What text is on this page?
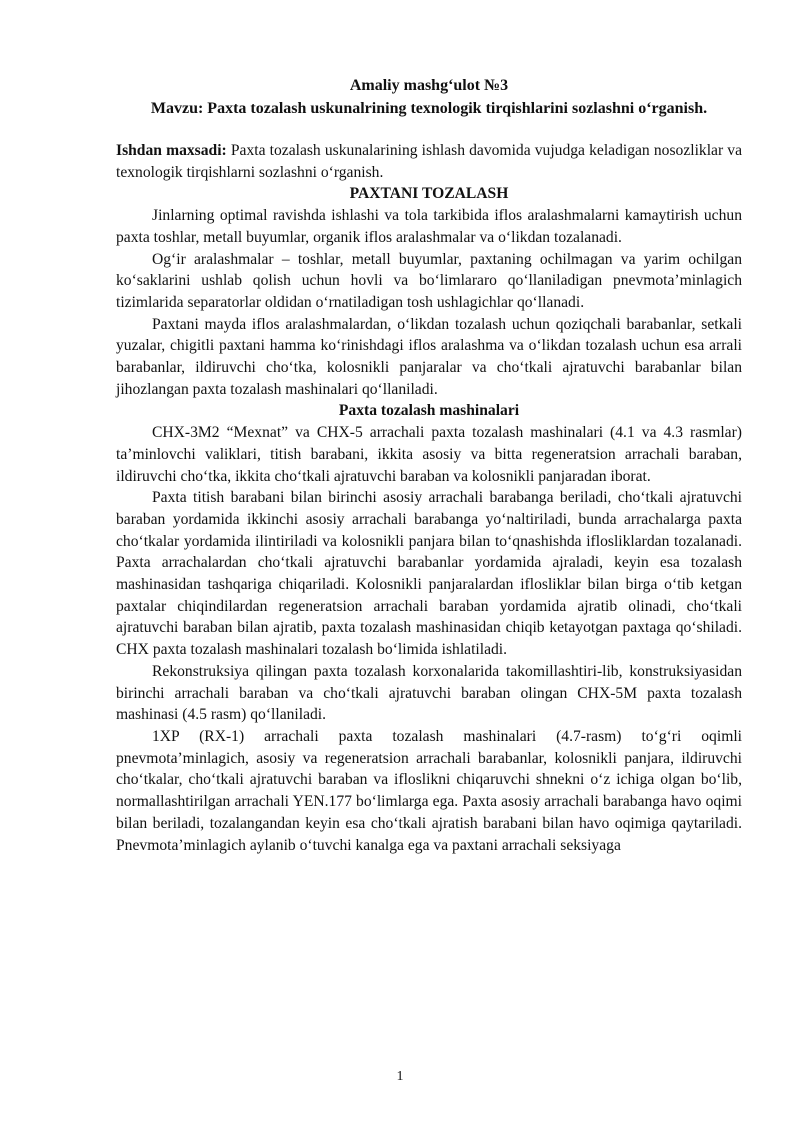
Amaliy mashg‘ulot №3
Mavzu: Paxta tozalash uskunalrining texnologik tirqishlarini sozlashni o‘rganish.

Ishdan maxsadi: Paxta tozalash uskunalarining ishlash davomida vujudga keladigan nosozliklar va texnologik tirqishlarni sozlashni o‘rganish.

PAXTANI TOZALASH

Jinlarning optimal ravishda ishlashi va tola tarkibida iflos aralashmalarni kamaytirish uchun paxta toshlar, metall buyumlar, organik iflos aralashmalar va o‘likdan tozalanadi.

Og‘ir aralashmalar – toshlar, metall buyumlar, paxtaning ochilmagan va yarim ochilgan ko‘saklarini ushlab qolish uchun hovli va bo‘limlararo qo‘llaniladigan pnevmota’minlagich tizimlarida separatorlar oldidan o‘rnatiladigan tosh ushlagichlar qo‘llanadi.

Paxtani mayda iflos aralashmalardan, o‘likdan tozalash uchun qoziqchali barabanlar, setkali yuzalar, chigitli paxtani hamma ko‘rinishdagi iflos aralashma va o‘likdan tozalash uchun esa arrali barabanlar, ildiruvchi cho‘tka, kolosnikli panjaralar va cho‘tkali ajratuvchi barabanlar bilan jihozlangan paxta tozalash mashinalari qo‘llaniladi.

Paxta tozalash mashinalari

CHX-3M2 “Mexnat” va CHX-5 arrachali paxta tozalash mashinalari (4.1 va 4.3 rasmlar) ta’minlovchi valiklari, titish barabani, ikkita asosiy va bitta regeneratsion arrachali baraban, ildiruvchi cho‘tka, ikkita cho‘tkali ajratuvchi baraban va kolosnikli panjaradan iborat.

Paxta titish barabani bilan birinchi asosiy arrachali barabanga beriladi, cho‘tkali ajratuvchi baraban yordamida ikkinchi asosiy arrachali barabanga yo‘naltiriladi, bunda arrachalarga paxta cho‘tkalar yordamida ilintiriladi va kolosnikli panjara bilan to‘qnashishda iflosliklardan tozalanadi. Paxta arrachalardan cho‘tkali ajratuvchi barabanlar yordamida ajraladi, keyin esa tozalash mashinasidan tashqariga chiqariladi. Kolosnikli panjaralardan iflosliklar bilan birga o‘tib ketgan paxtalar chiqindilardan regeneratsion arrachali baraban yordamida ajratib olinadi, cho‘tkali ajratuvchi baraban bilan ajratib, paxta tozalash mashinasidan chiqib ketayotgan paxtaga qo‘shiladi. CHX paxta tozalash mashinalari tozalash bo‘limida ishlatiladi.

Rekonstruksiya qilingan paxta tozalash korxonalarida takomillashtiri-lib, konstruksiyasidan birinchi arrachali baraban va cho‘tkali ajratuvchi baraban olingan CHX-5M paxta tozalash mashinasi (4.5 rasm) qo‘llaniladi.

1XP (RX-1) arrachali paxta tozalash mashinalari (4.7-rasm) to‘g‘ri oqimli pnevmota’minlagich, asosiy va regeneratsion arrachali barabanlar, kolosnikli panjara, ildiruvchi cho‘tkalar, cho‘tkali ajratuvchi baraban va ifloslikni chiqaruvchi shnekni o‘z ichiga olgan bo‘lib, normallashtirilgan arrachali YEN.177 bo‘limlarga ega. Paxta asosiy arrachali barabanga havo oqimi bilan beriladi, tozalangandan keyin esa cho‘tkali ajratish barabani bilan havo oqimiga qaytariladi. Pnevmota’minlagich aylanib o‘tuvchi kanalga ega va paxtani arrachali seksiyaga

1
